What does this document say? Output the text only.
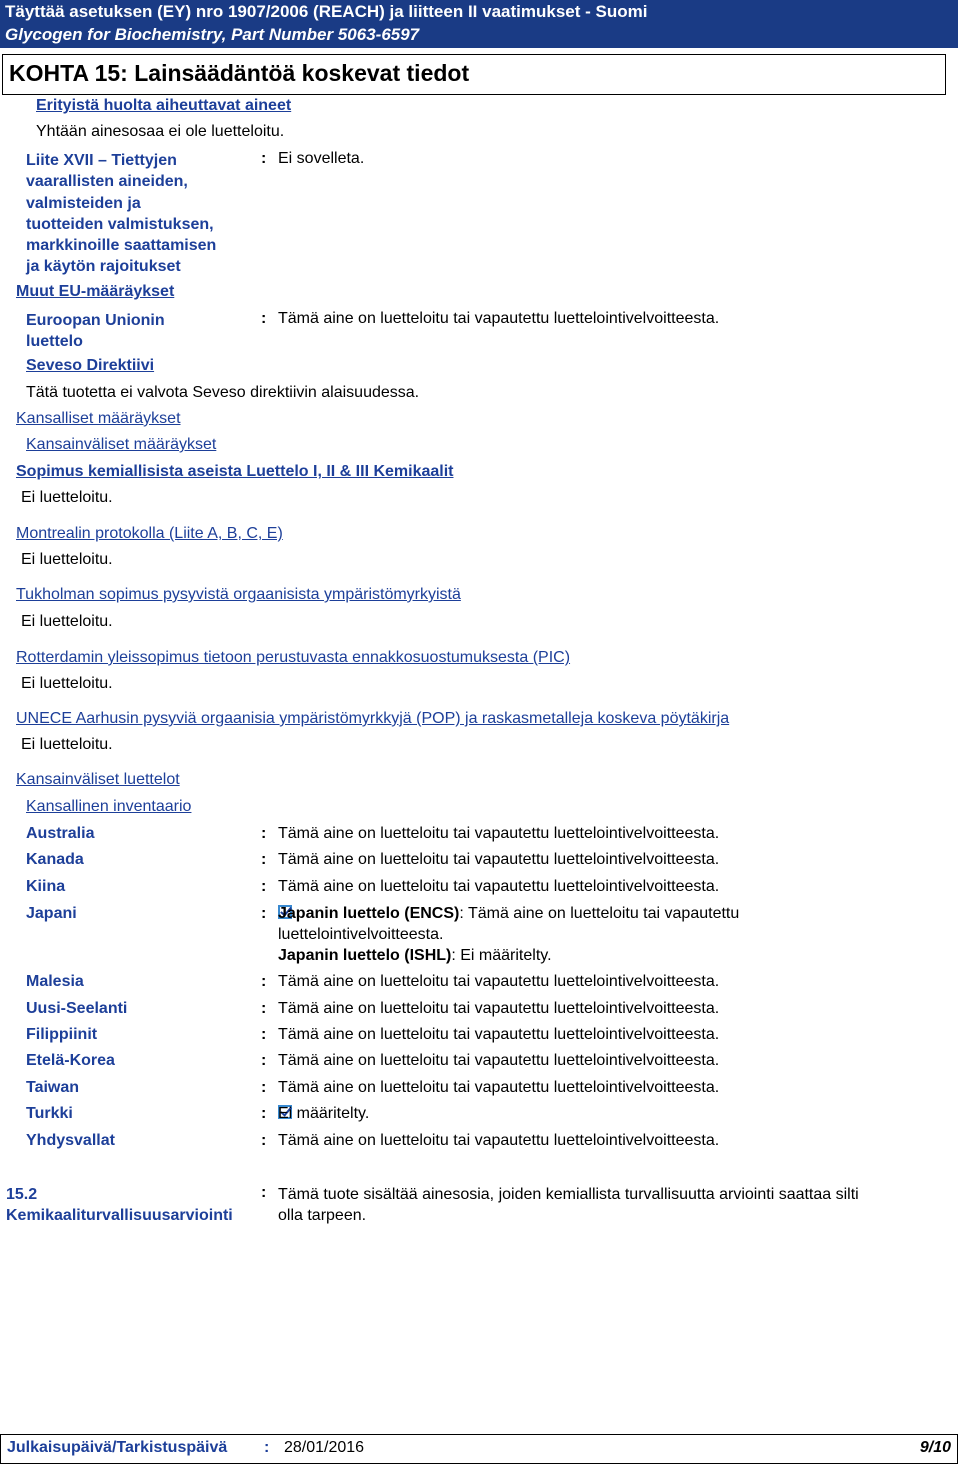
Täyttää asetuksen (EY) nro 1907/2006 (REACH) ja liitteen II vaatimukset - Suomi
Glycogen for Biochemistry, Part Number 5063-6597
KOHTA 15: Lainsäädäntöä koskevat tiedot
Erityistä huolta aiheuttavat aineet
Yhtään ainesosaa ei ole luetteloitu.
Liite XVII – Tiettyjen
vaarallisten aineiden,
valmisteiden ja
tuotteiden valmistuksen,
markkinoille saattamisen
ja käytön rajoitukset
: Ei sovelleta.
Muut EU-määräykset
Euroopan Unionin
luettelo
: Tämä aine on luetteloitu tai vapautettu luettelointivelvoitteesta.
Seveso Direktiivi
Tätä tuotetta ei valvota Seveso direktiivin alaisuudessa.
Kansalliset määräykset
Kansainväliset määräykset
Sopimus kemiallisista aseista Luettelo I, II & III Kemikaalit
Ei luetteloitu.
Montrealin protokolla (Liite A, B, C, E)
Ei luetteloitu.
Tukholman sopimus pysyvistä orgaanisista ympäristömyrkyistä
Ei luetteloitu.
Rotterdamin yleissopimus tietoon perustuvasta ennakkosuostumuksesta (PIC)
Ei luetteloitu.
UNECE Aarhusin pysyviä orgaanisia ympäristömyrkkyjä (POP) ja raskasmetalleja koskeva pöytäkirja
Ei luetteloitu.
Kansainväliset luettelot
Kansallinen inventaario
Australia	: Tämä aine on luetteloitu tai vapautettu luettelointivelvoitteesta.
Kanada	: Tämä aine on luetteloitu tai vapautettu luettelointivelvoitteesta.
Kiina	: Tämä aine on luetteloitu tai vapautettu luettelointivelvoitteesta.
Japani	: Japanin luettelo (ENCS): Tämä aine on luetteloitu tai vapautettu
luettelointivelvoitteesta.
Japanin luettelo (ISHL): Ei määritelty.
Malesia	: Tämä aine on luetteloitu tai vapautettu luettelointivelvoitteesta.
Uusi-Seelanti	: Tämä aine on luetteloitu tai vapautettu luettelointivelvoitteesta.
Filippiinit	: Tämä aine on luetteloitu tai vapautettu luettelointivelvoitteesta.
Etelä-Korea	: Tämä aine on luetteloitu tai vapautettu luettelointivelvoitteesta.
Taiwan	: Tämä aine on luetteloitu tai vapautettu luettelointivelvoitteesta.
Turkki	: Ei määritelty.
Yhdysvallat	: Tämä aine on luetteloitu tai vapautettu luettelointivelvoitteesta.
15.2
Kemikaaliturvallisuusarviointi
: Tämä tuote sisältää ainesosia, joiden kemiallista turvallisuutta arviointi saattaa silti
olla tarpeen.
Julkaisupäivä/Tarkistuspäivä : 28/01/2016	9/10
